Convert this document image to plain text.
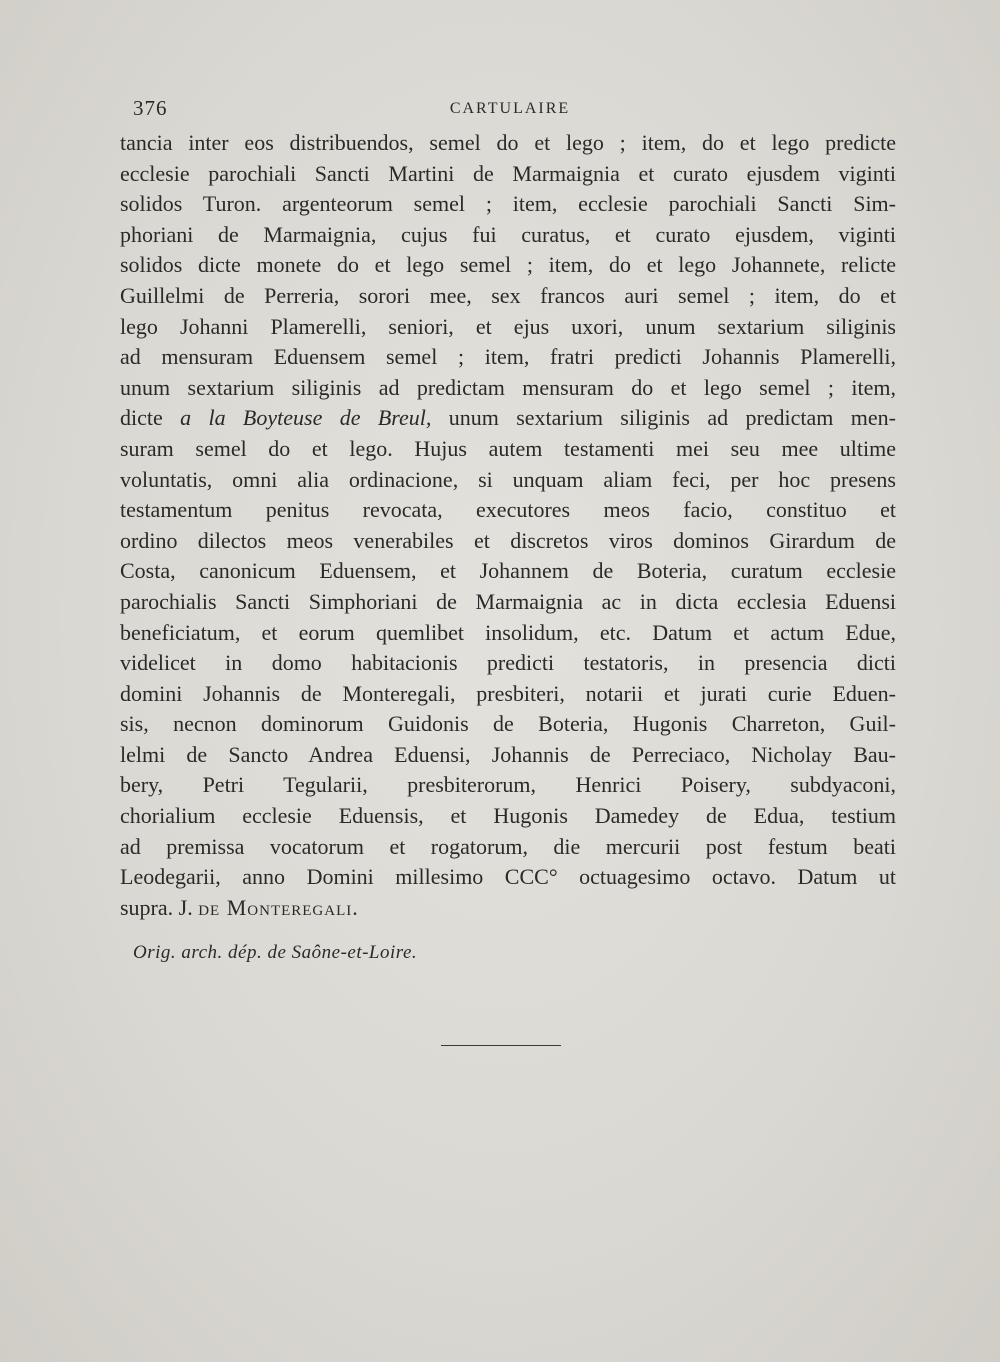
376	CARTULAIRE
tancia inter eos distribuendos, semel do et lego ; item, do et lego predicte
ecclesie parochiali Sancti Martini de Marmaignia et curato ejusdem viginti
solidos Turon. argenteorum semel ; item, ecclesie parochiali Sancti Sim-
phoriani de Marmaignia, cujus fui curatus, et curato ejusdem, viginti
solidos dicte monete do et lego semel ; item, do et lego Johannete, relicte
Guillelmi de Perreria, sorori mee, sex francos auri semel ; item, do et
lego Johanni Plamerelli, seniori, et ejus uxori, unum sextarium siliginis
ad mensuram Eduensem semel ; item, fratri predicti Johannis Plamerelli,
unum sextarium siliginis ad predictam mensuram do et lego semel ; item,
dicte a la Boyteuse de Breul, unum sextarium siliginis ad predictam men-
suram semel do et lego. Hujus autem testamenti mei seu mee ultime
voluntatis, omni alia ordinacione, si unquam aliam feci, per hoc presens
testamentum penitus revocata, executores meos facio, constituo et
ordino dilectos meos venerabiles et discretos viros dominos Girardum de
Costa, canonicum Eduensem, et Johannem de Boteria, curatum ecclesie
parochialis Sancti Simphoriani de Marmaignia ac in dicta ecclesia Eduensi
beneficiatum, et eorum quemlibet insolidum, etc. Datum et actum Edue,
videlicet in domo habitacionis predicti testatoris, in presencia dicti
domini Johannis de Monteregali, presbiteri, notarii et jurati curie Eduen-
sis, necnon dominorum Guidonis de Boteria, Hugonis Charreton, Guil-
lelmi de Sancto Andrea Eduensi, Johannis de Perreciaco, Nicholay Bau-
bery, Petri Tegularii, presbiterorum, Henrici Poisery, subdyaconi,
chorialium ecclesie Eduensis, et Hugonis Damedey de Edua, testium
ad premissa vocatorum et rogatorum, die mercurii post festum beati
Leodegarii, anno Domini millesimo CCC° octuagesimo octavo. Datum ut
supra. J. de Monteregali.
Orig. arch. dép. de Saône-et-Loire.
